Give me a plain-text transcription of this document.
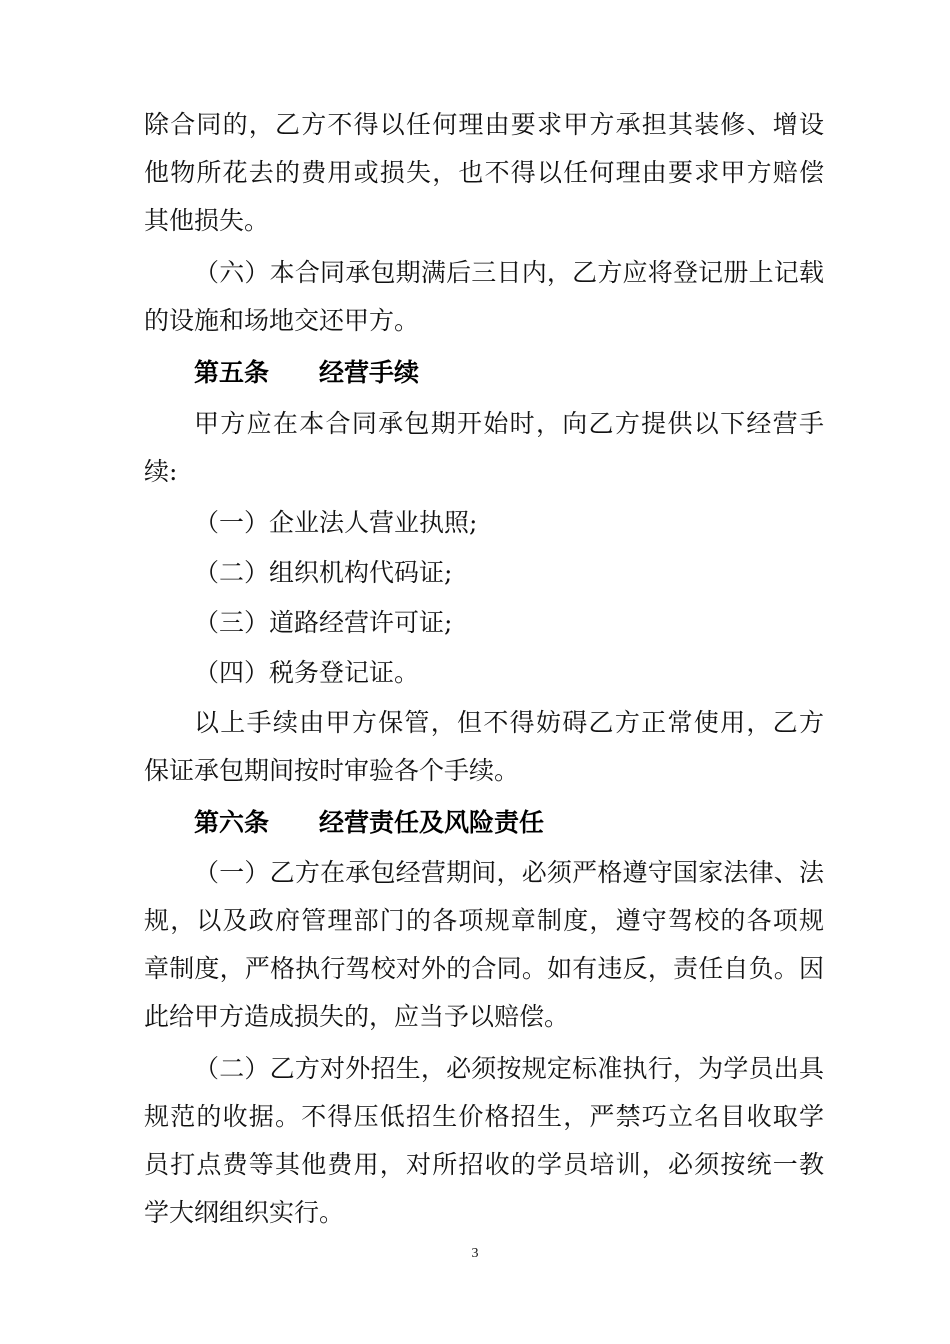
除合同的，乙方不得以任何理由要求甲方承担其装修、增设
他物所花去的费用或损失，也不得以任何理由要求甲方赔偿
其他损失。
（六）本合同承包期满后三日内，乙方应将登记册上记载
的设施和场地交还甲方。
第五条 经营手续
甲方应在本合同承包期开始时，向乙方提供以下经营手
续:
（一）企业法人营业执照;
（二）组织机构代码证;
（三）道路经营许可证;
（四）税务登记证。
以上手续由甲方保管，但不得妨碍乙方正常使用，乙方
保证承包期间按时审验各个手续。
第六条 经营责任及风险责任
（一）乙方在承包经营期间，必须严格遵守国家法律、法
规，以及政府管理部门的各项规章制度，遵守驾校的各项规
章制度，严格执行驾校对外的合同。如有违反，责任自负。因
此给甲方造成损失的，应当予以赔偿。
（二）乙方对外招生，必须按规定标准执行，为学员出具
规范的收据。不得压低招生价格招生，严禁巧立名目收取学
员打点费等其他费用，对所招收的学员培训，必须按统一教
学大纲组织实行。
3
